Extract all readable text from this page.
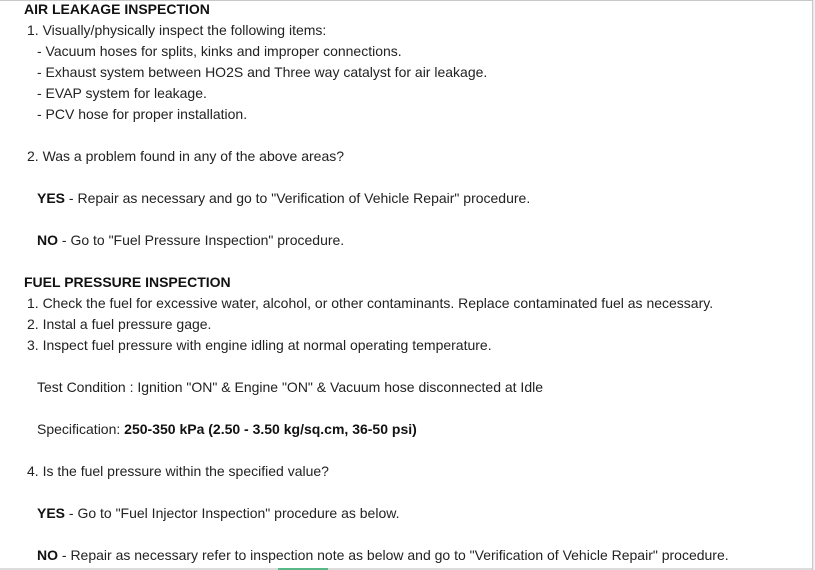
AIR LEAKAGE INSPECTION
1. Visually/physically inspect the following items:
- Vacuum hoses for splits, kinks and improper connections.
- Exhaust system between HO2S and Three way catalyst for air leakage.
- EVAP system for leakage.
- PCV hose for proper installation.
2. Was a problem found in any of the above areas?
YES - Repair as necessary and go to "Verification of Vehicle Repair" procedure.
NO - Go to "Fuel Pressure Inspection" procedure.
FUEL PRESSURE INSPECTION
1. Check the fuel for excessive water, alcohol, or other contaminants. Replace contaminated fuel as necessary.
2. Instal a fuel pressure gage.
3. Inspect fuel pressure with engine idling at normal operating temperature.
Test Condition : Ignition "ON" & Engine "ON" & Vacuum hose disconnected at Idle
Specification: 250-350 kPa (2.50 - 3.50 kg/sq.cm, 36-50 psi)
4. Is the fuel pressure within the specified value?
YES - Go to "Fuel Injector Inspection" procedure as below.
NO - Repair as necessary refer to inspection note as below and go to "Verification of Vehicle Repair" procedure.
